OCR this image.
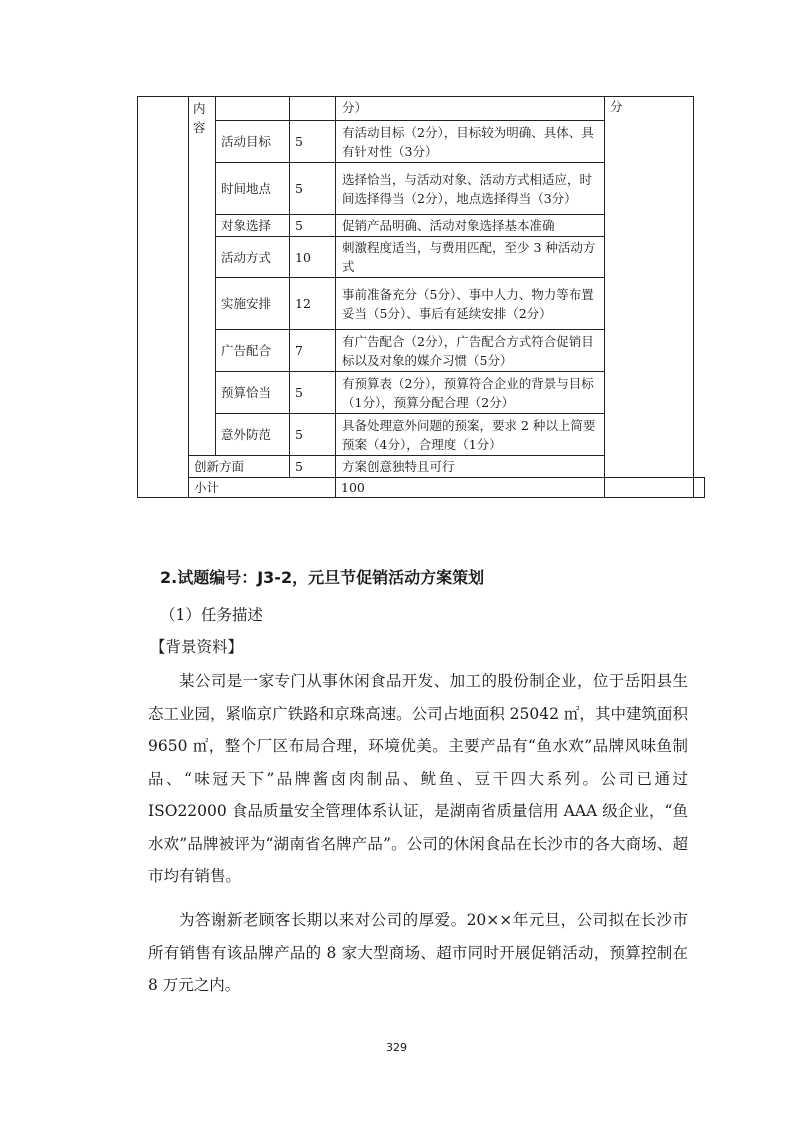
	内容			分）	分	
		活动目标	5	有活动目标（2分），目标较为明确、具体、具有针对性（3分）		
		时间地点	5	选择恰当，与活动对象、活动方式相适应，时间选择得当（2分），地点选择得当（3分）		
		对象选择	5	促销产品明确、活动对象选择基本准确		
		活动方式	10	刺激程度适当，与费用匹配，至少 3 种活动方式		
		实施安排	12	事前准备充分（5分）、事中人力、物力等布置妥当（5分）、事后有延续安排（2分）		
		广告配合	7	有广告配合（2分），广告配合方式符合促销目标以及对象的媒介习惯（5分）		
		预算恰当	5	有预算表（2分），预算符合企业的背景与目标（1分），预算分配合理（2分）		
		意外防范	5	具备处理意外问题的预案，要求 2 种以上简要预案（4分），合理度（1分）		
	创新方面		5	方案创意独特且可行		
	小计			100		
2.试题编号：J3-2，元旦节促销活动方案策划

（1）任务描述

【背景资料】

某公司是一家专门从事休闲食品开发、加工的股份制企业，位于岳阳县生态工业园，紧临京广铁路和京珠高速。公司占地面积 25042 ㎡，其中建筑面积 9650 ㎡，整个厂区布局合理，环境优美。主要产品有“鱼水欢”品牌风味鱼制品、“味冠天下”品牌酱卤肉制品、鱿鱼、豆干四大系列。公司已通过 ISO22000 食品质量安全管理体系认证，是湖南省质量信用 AAA 级企业，“鱼水欢”品牌被评为“湖南省名牌产品”。公司的休闲食品在长沙市的各大商场、超市均有销售。

为答谢新老顾客长期以来对公司的厚爱。20××年元旦，公司拟在长沙市所有销售有该品牌产品的 8 家大型商场、超市同时开展促销活动，预算控制在 8 万元之内。

329
